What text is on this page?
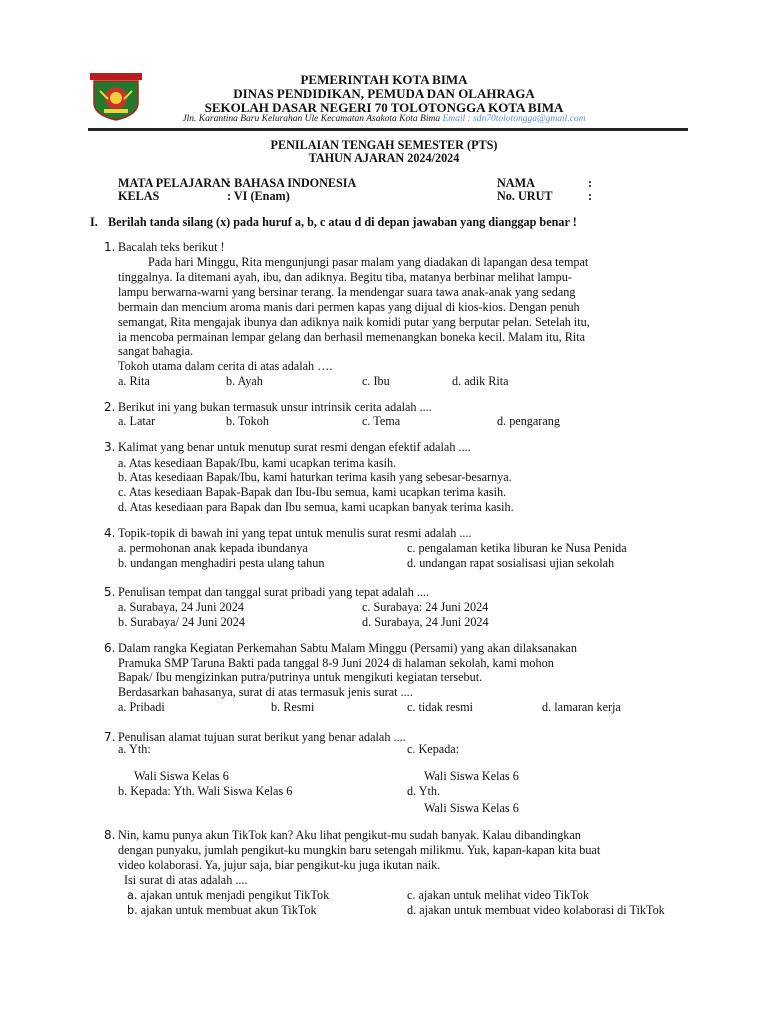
PEMERINTAH KOTA BIMA
DINAS PENDIDIKAN, PEMUDA DAN OLAHRAGA
SEKOLAH DASAR NEGERI 70 TOLOTONGGA KOTA BIMA
Jln. Karantina Baru Kelurahan Ule Kecamatan Asakota Kota Bima Email : sdn70tolotongga@gmail.com
PENILAIAN TENGAH SEMESTER (PTS)
TAHUN AJARAN 2024/2024
MATA PELAJARAN
: BAHASA INDONESIA
KELAS	: VI (Enam)
NAMA	:
No. URUT	:
I. Berilah tanda silang (x) pada huruf a, b, c atau d di depan jawaban yang dianggap benar !
1. Bacalah teks berikut !
Pada hari Minggu, Rita mengunjungi pasar malam yang diadakan di lapangan desa tempat
tinggalnya. Ia ditemani ayah, ibu, dan adiknya. Begitu tiba, matanya berbinar melihat lampu-
lampu berwarna-warni yang bersinar terang. Ia mendengar suara tawa anak-anak yang sedang
bermain dan mencium aroma manis dari permen kapas yang dijual di kios-kios. Dengan penuh
semangat, Rita mengajak ibunya dan adiknya naik komidi putar yang berputar pelan. Setelah itu,
ia mencoba permainan lempar gelang dan berhasil memenangkan boneka kecil. Malam itu, Rita
sangat bahagia.
Tokoh utama dalam cerita di atas adalah ….
a. Rita	b. Ayah	c. Ibu	d. adik Rita
2. Berikut ini yang bukan termasuk unsur intrinsik cerita adalah ....
a. Latar	b. Tokoh	c. Tema	d. pengarang
3. Kalimat yang benar untuk menutup surat resmi dengan efektif adalah ....
a. Atas kesediaan Bapak/Ibu, kami ucapkan terima kasih.
b. Atas kesediaan Bapak/Ibu, kami haturkan terima kasih yang sebesar-besarnya.
c. Atas kesediaan Bapak-Bapak dan Ibu-Ibu semua, kami ucapkan terima kasih.
d. Atas kesediaan para Bapak dan Ibu semua, kami ucapkan banyak terima kasih.
4. Topik-topik di bawah ini yang tepat untuk menulis surat resmi adalah ....
a. permohonan anak kepada ibundanya	c. pengalaman ketika liburan ke Nusa Penida
b. undangan menghadiri pesta ulang tahun	d. undangan rapat sosialisasi ujian sekolah
5. Penulisan tempat dan tanggal surat pribadi yang tepat adalah ....
a. Surabaya, 24 Juni 2024	c. Surabaya: 24 Juni 2024
b. Surabaya/ 24 Juni 2024	d. Surabaya, 24 Juni 2024
6. Dalam rangka Kegiatan Perkemahan Sabtu Malam Minggu (Persami) yang akan dilaksanakan
Pramuka SMP Taruna Bakti pada tanggal 8-9 Juni 2024 di halaman sekolah, kami mohon
Bapak/ Ibu mengizinkan putra/putrinya untuk mengikuti kegiatan tersebut.
Berdasarkan bahasanya, surat di atas termasuk jenis surat ....
a. Pribadi	b. Resmi	c. tidak resmi	d. lamaran kerja
7. Penulisan alamat tujuan surat berikut yang benar adalah ....
a. Yth:	c. Kepada:
Wali Siswa Kelas 6	Wali Siswa Kelas 6
b. Kepada: Yth. Wali Siswa Kelas 6	d. Yth.
Wali Siswa Kelas 6
8. Nin, kamu punya akun TikTok kan? Aku lihat pengikut-mu sudah banyak. Kalau dibandingkan
dengan punyaku, jumlah pengikut-ku mungkin baru setengah milikmu. Yuk, kapan-kapan kita buat
video kolaborasi. Ya, jujur saja, biar pengikut-ku juga ikutan naik.
Isi surat di atas adalah ....
a. ajakan untuk menjadi pengikut TikTok	c. ajakan untuk melihat video TikTok
b. ajakan untuk membuat akun TikTok	d. ajakan untuk membuat video kolaborasi di TikTok
